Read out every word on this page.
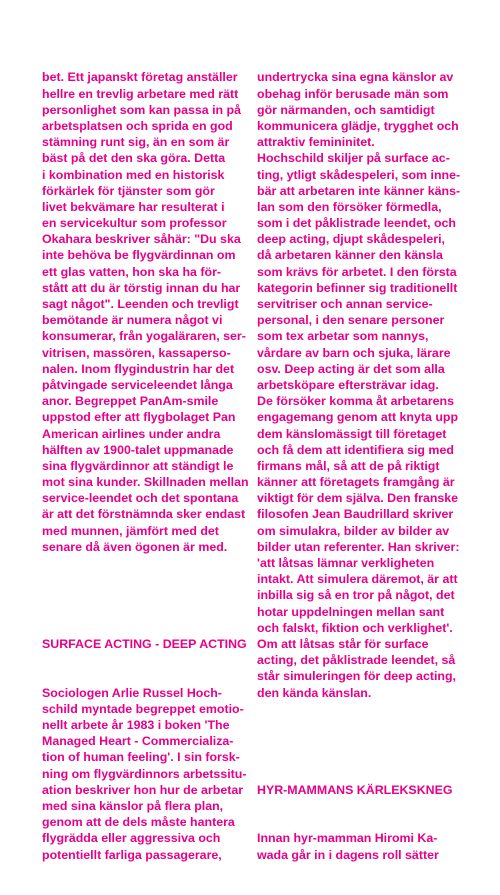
bet. Ett japanskt företag anställer
hellre en trevlig arbetare med rätt
personlighet som kan passa in på
arbetsplatsen och sprida en god
stämning runt sig, än en som är
bäst på det den ska göra. Detta
i kombination med en historisk
förkärlek för tjänster som gör
livet bekvämare har resulterat i
en servicekultur som professor
Okahara beskriver såhär: "Du ska
inte behöva be flygvärdinnan om
ett glas vatten, hon ska ha för-
stått att du är törstig innan du har
sagt något". Leenden och trevligt
bemötande är numera något vi
konsumerar, från yogaläraren, ser-
vitrisen, massören, kassaperso-
nalen. Inom flygindustrin har det
påtvingade serviceleendet långa
anor. Begreppet PanAm-smile
uppstod efter att flygbolaget Pan
American airlines under andra
hälften av 1900-talet uppmanade
sina flygvärdinnor att ständigt le
mot sina kunder. Skillnaden mellan
service-leendet och det spontana
är att det förstnämnda sker endast
med munnen, jämfört med det
senare då även ögonen är med.

SURFACE ACTING - DEEP ACTING

Sociologen Arlie Russel Hoch-
schild myntade begreppet emotio-
nellt arbete år 1983 i boken 'The
Managed Heart - Commercializa-
tion of human feeling'. I sin forsk-
ning om flygvärdinnors arbetssitu-
ation beskriver hon hur de arbetar
med sina känslor på flera plan,
genom att de dels måste hantera
flygrädda eller aggressiva och
potentiellt farliga passagerare,

undertrycka sina egna känslor av
obehag inför berusade män som
gör närmanden, och samtidigt
kommunicera glädje, trygghet och
attraktiv femininitet.
Hochschild skiljer på surface ac-
ting, ytligt skådespeleri, som inne-
bär att arbetaren inte känner käns-
lan som den försöker förmedla,
som i det påklistrade leendet, och
deep acting, djupt skådespeleri,
då arbetaren känner den känsla
som krävs för arbetet. I den första
kategorin befinner sig traditionellt
servitriser och annan service-
personal, i den senare personer
som tex arbetar som nannys,
vårdare av barn och sjuka, lärare
osv. Deep acting är det som alla
arbetsköpare eftersträvar idag.
De försöker komma åt arbetarens
engagemang genom att knyta upp
dem känslomässigt till företaget
och få dem att identifiera sig med
firmans mål, så att de på riktigt
känner att företagets framgång är
viktigt för dem själva. Den franske
filosofen Jean Baudrillard skriver
om simulakra, bilder av bilder av
bilder utan referenter. Han skriver:
'att låtsas lämnar verkligheten
intakt. Att simulera däremot, är att
inbilla sig så en tror på något, det
hotar uppdelningen mellan sant
och falskt, fiktion och verklighet'.
Om att låtsas står för surface
acting, det påklistrade leendet, så
står simuleringen för deep acting,
den kända känslan.

HYR-MAMMANS KÄRLEKSKNEG

Innan hyr-mamman Hiromi Ka-
wada går in i dagens roll sätter
